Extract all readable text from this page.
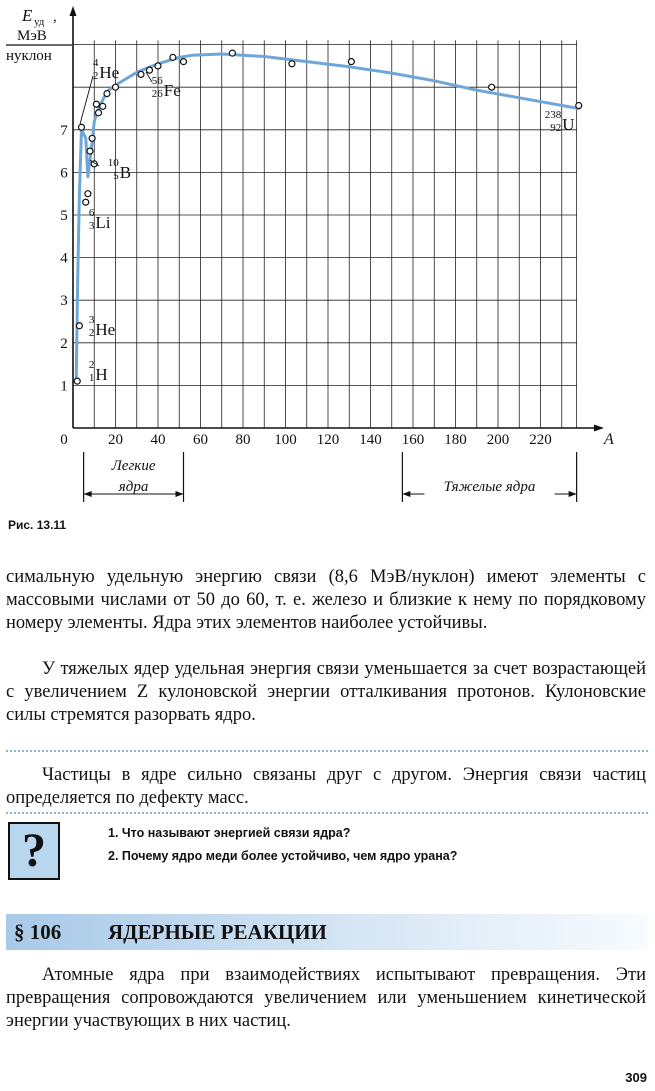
E уд ,
МэВ
нуклон
A
0	20 40 60 80 100 120 140 160 180 200 220
1
2
3
4
5
6
7
2
1 H
3
2 He
6
3 Li
10
5 B
4
2 He	56
26 Fe
238
92 U
Легкие
ядра	Тяжелые ядра
Рис. 13.11

симальную удельную энергию связи (8,6 МэВ/нуклон) имеют элементы с массовыми числами от 50 до 60, т. е. железо и близкие к нему по порядковому номеру элементы. Ядра этих элементов наиболее устойчивы.

У тяжелых ядер удельная энергия связи уменьшается за счет возрастающей с увеличением Z кулоновской энергии отталкивания протонов. Кулоновские силы стремятся разорвать ядро.

Частицы в ядре сильно связаны друг с другом. Энергия связи частиц определяется по дефекту масс.

?	1. Что называют энергией связи ядра?
2. Почему ядро меди более устойчиво, чем ядро урана?
§ 106 ЯДЕРНЫЕ РЕАКЦИИ

Атомные ядра при взаимодействиях испытывают превращения. Эти превращения сопровождаются увеличением или уменьшением кинетической энергии участвующих в них частиц.

309
